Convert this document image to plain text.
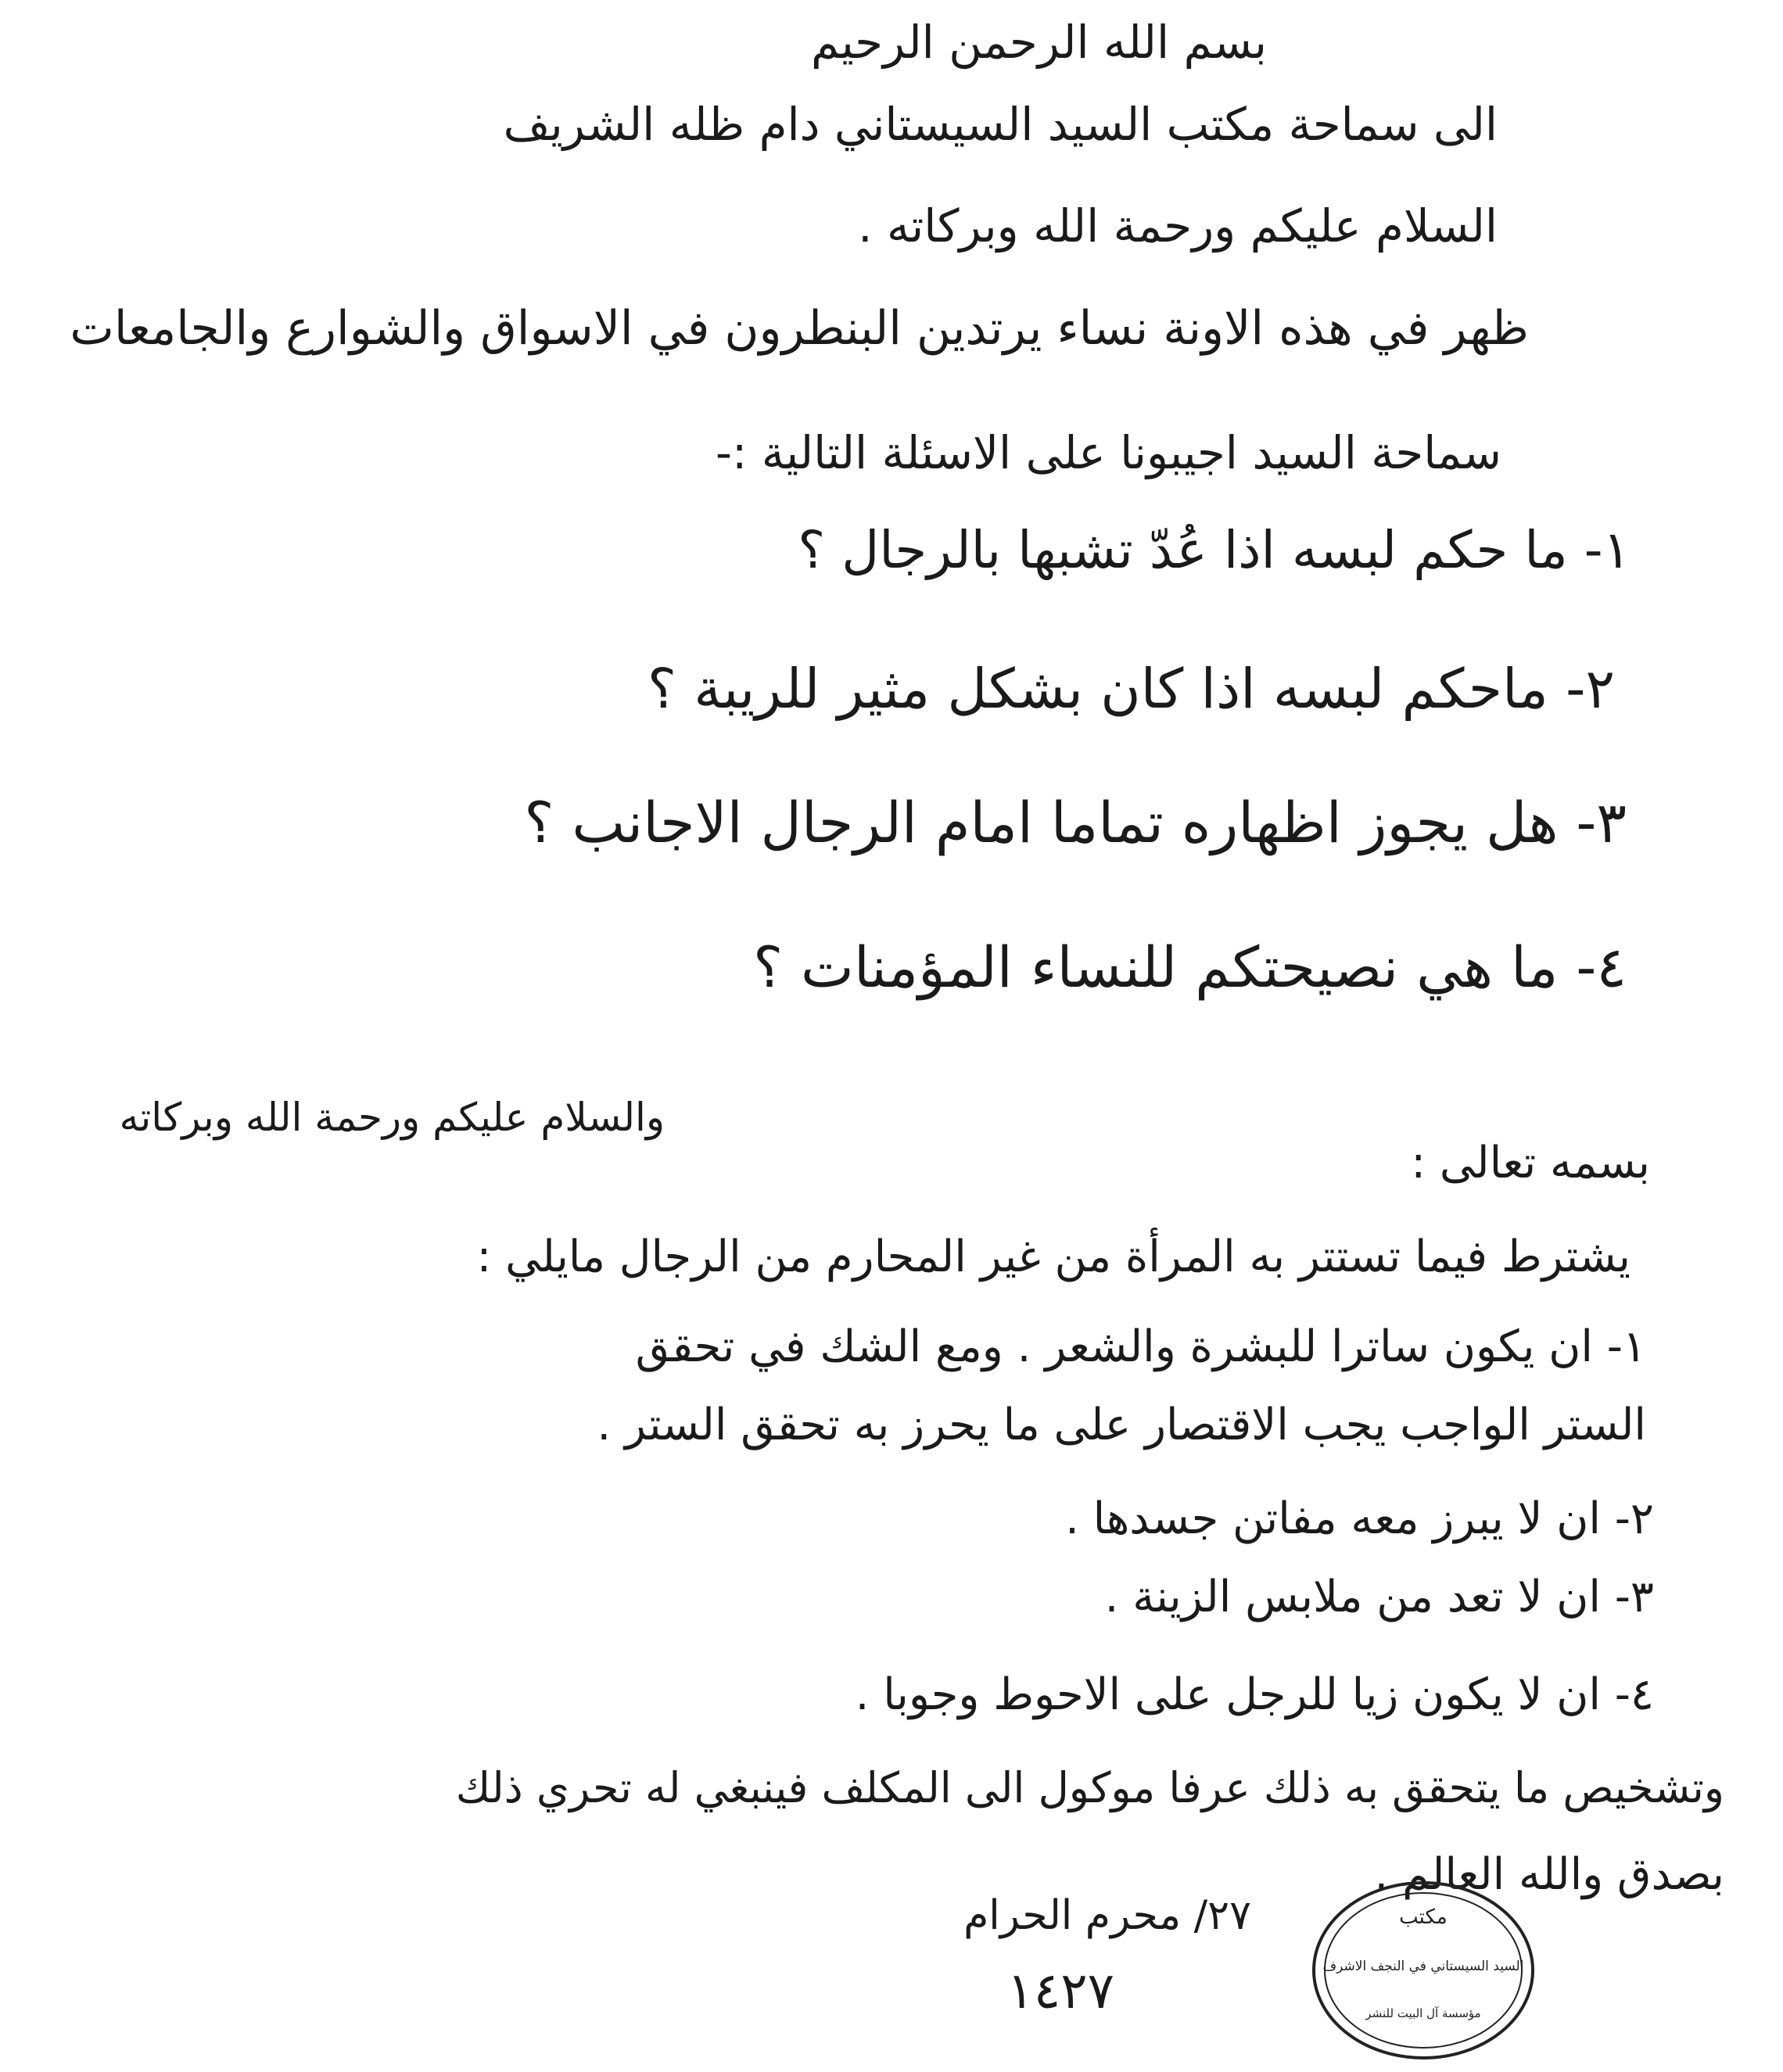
بسم الله الرحمن الرحيم
الى سماحة مكتب السيد السيستاني دام ظله الشريف
السلام عليكم ورحمة الله وبركاته .
ظهر في هذه الاونة نساء يرتدين البنطرون في الاسواق والشوارع والجامعات
سماحة السيد اجيبونا على الاسئلة التالية :-
١- ما حكم لبسه اذا عُدّ تشبها بالرجال ؟
٢- ماحكم لبسه اذا كان بشكل مثير للريبة ؟
٣- هل يجوز اظهاره تماما امام الرجال الاجانب ؟
٤- ما هي نصيحتكم للنساء المؤمنات ؟
والسلام عليكم ورحمة الله وبركاته
بسمه تعالى :
يشترط فيما تستتر به المرأة من غير المحارم من الرجال مايلي :
١- ان يكون ساترا للبشرة والشعر . ومع الشك في تحقق
الستر الواجب يجب الاقتصار على ما يحرز به تحقق الستر .
٢- ان لا يبرز معه مفاتن جسدها .
٣- ان لا تعد من ملابس الزينة .
٤- ان لا يكون زيا للرجل على الاحوط وجوبا .
وتشخيص ما يتحقق به ذلك عرفا موكول الى المكلف فينبغي له تحري ذلك
بصدق والله العالم .
٢٧/ محرم الحرام
١٤٢٧
مكتب
السيد السيستاني في النجف الاشرف
مؤسسة آل البيت للنشر
